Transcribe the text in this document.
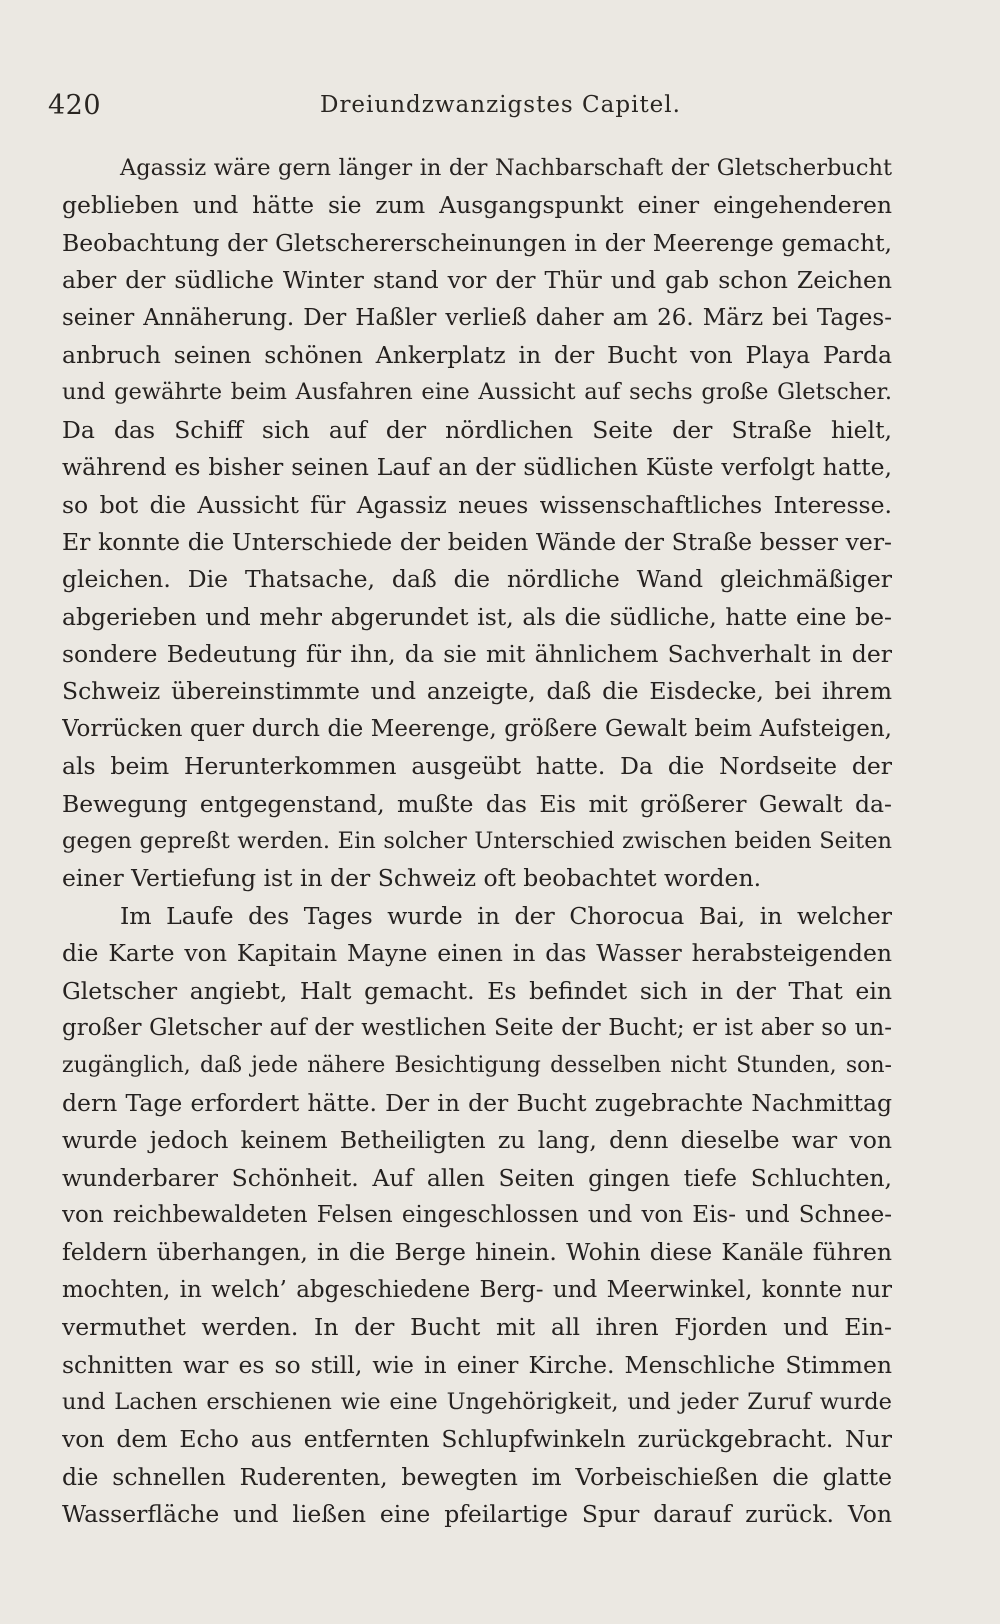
420	Dreiundzwanzigstes Capitel.
Agassiz wäre gern länger in der Nachbarschaft der Gletscherbucht
geblieben und hätte sie zum Ausgangspunkt einer eingehenderen
Beobachtung der Gletschererscheinungen in der Meerenge gemacht,
aber der südliche Winter stand vor der Thür und gab schon Zeichen
seiner Annäherung. Der Haßler verließ daher am 26. März bei Tages-
anbruch seinen schönen Ankerplatz in der Bucht von Playa Parda
und gewährte beim Ausfahren eine Aussicht auf sechs große Gletscher.
Da das Schiff sich auf der nördlichen Seite der Straße hielt,
während es bisher seinen Lauf an der südlichen Küste verfolgt hatte,
so bot die Aussicht für Agassiz neues wissenschaftliches Interesse.
Er konnte die Unterschiede der beiden Wände der Straße besser ver-
gleichen. Die Thatsache, daß die nördliche Wand gleichmäßiger
abgerieben und mehr abgerundet ist, als die südliche, hatte eine be-
sondere Bedeutung für ihn, da sie mit ähnlichem Sachverhalt in der
Schweiz übereinstimmte und anzeigte, daß die Eisdecke, bei ihrem
Vorrücken quer durch die Meerenge, größere Gewalt beim Aufsteigen,
als beim Herunterkommen ausgeübt hatte. Da die Nordseite der
Bewegung entgegenstand, mußte das Eis mit größerer Gewalt da-
gegen gepreßt werden. Ein solcher Unterschied zwischen beiden Seiten
einer Vertiefung ist in der Schweiz oft beobachtet worden.
Im Laufe des Tages wurde in der Chorocua Bai, in welcher
die Karte von Kapitain Mayne einen in das Wasser herabsteigenden
Gletscher angiebt, Halt gemacht. Es befindet sich in der That ein
großer Gletscher auf der westlichen Seite der Bucht; er ist aber so un-
zugänglich, daß jede nähere Besichtigung desselben nicht Stunden, son-
dern Tage erfordert hätte. Der in der Bucht zugebrachte Nachmittag
wurde jedoch keinem Betheiligten zu lang, denn dieselbe war von
wunderbarer Schönheit. Auf allen Seiten gingen tiefe Schluchten,
von reichbewaldeten Felsen eingeschlossen und von Eis- und Schnee-
feldern überhangen, in die Berge hinein. Wohin diese Kanäle führen
mochten, in welch’ abgeschiedene Berg- und Meerwinkel, konnte nur
vermuthet werden. In der Bucht mit all ihren Fjorden und Ein-
schnitten war es so still, wie in einer Kirche. Menschliche Stimmen
und Lachen erschienen wie eine Ungehörigkeit, und jeder Zuruf wurde
von dem Echo aus entfernten Schlupfwinkeln zurückgebracht. Nur
die schnellen Ruderenten, bewegten im Vorbeischießen die glatte
Wasserfläche und ließen eine pfeilartige Spur darauf zurück. Von
